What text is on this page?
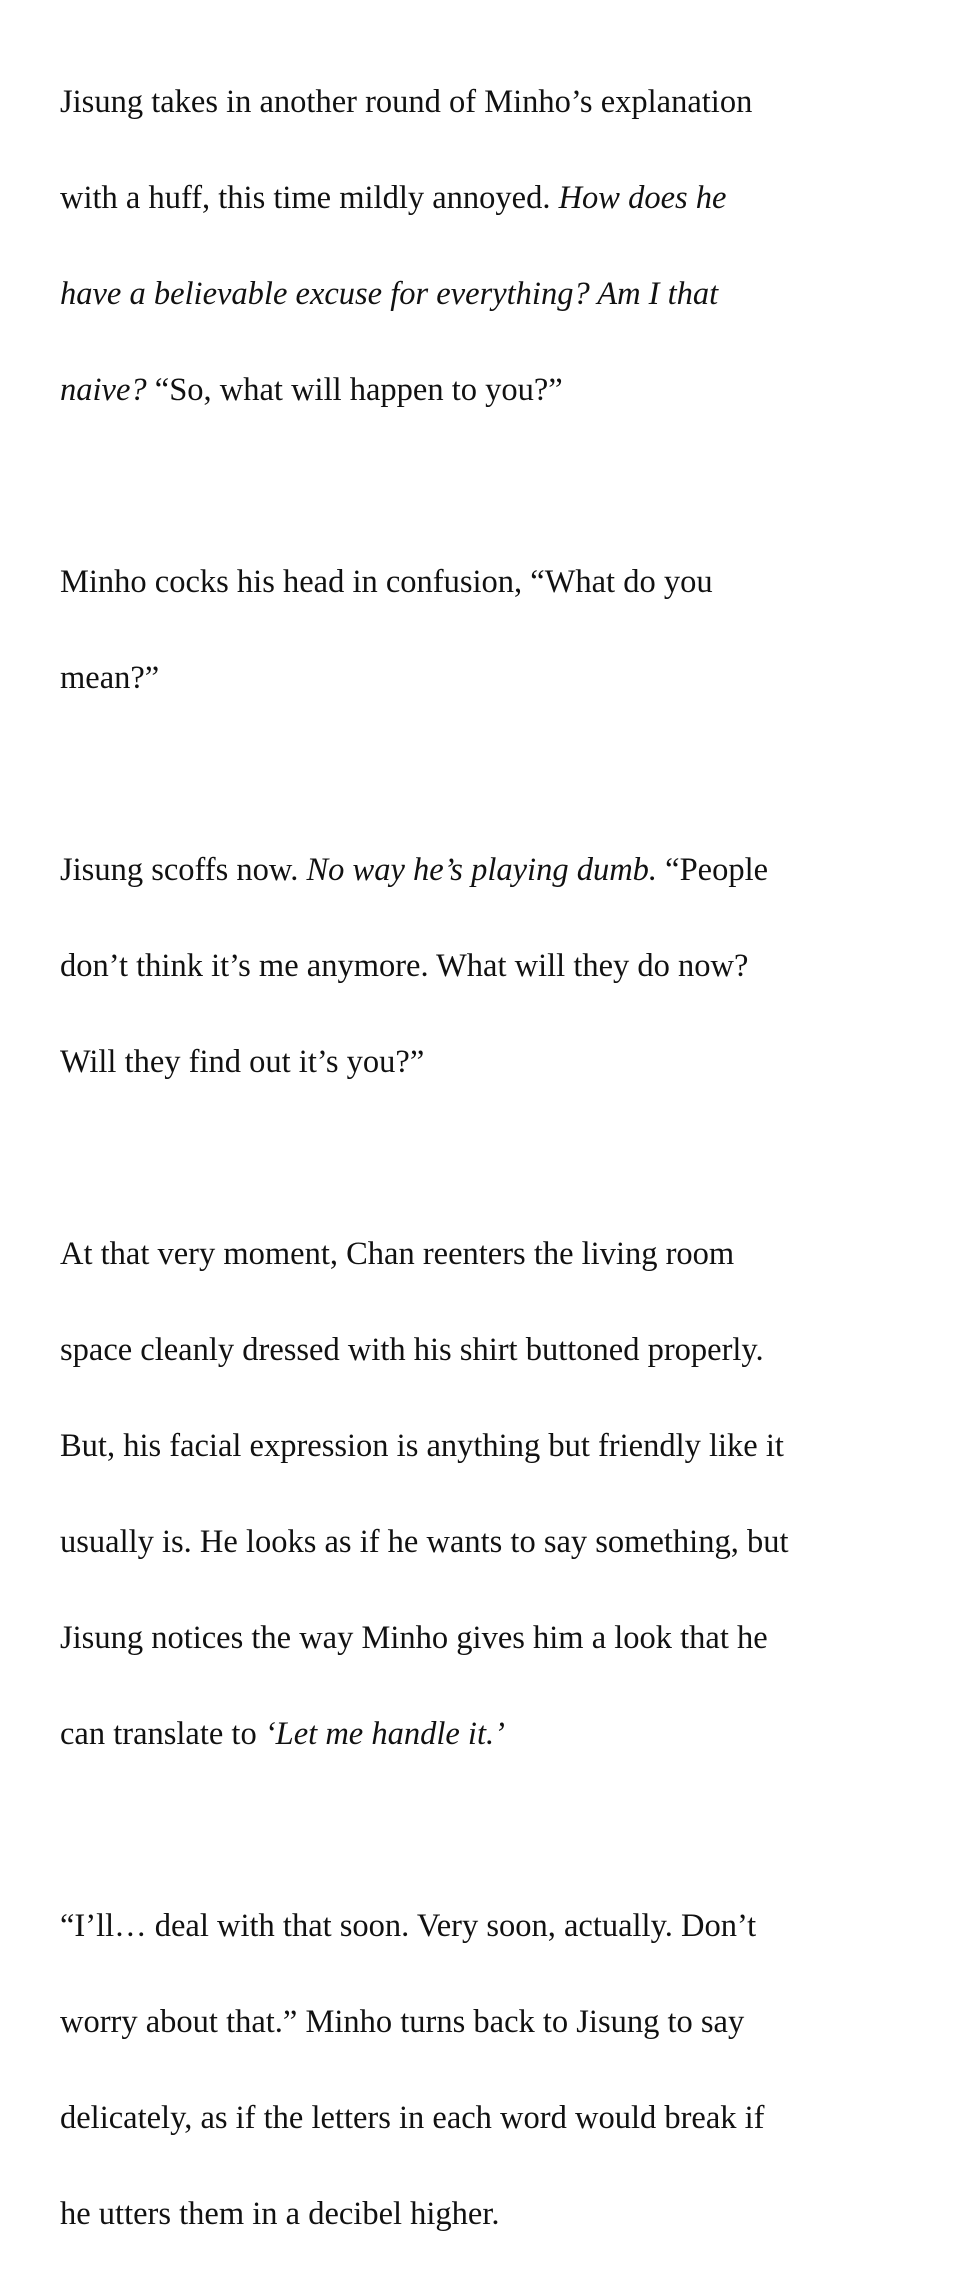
Jisung takes in another round of Minho’s explanation

with a huff, this time mildly annoyed. How does he

have a believable excuse for everything? Am I that

naive? “So, what will happen to you?”

Minho cocks his head in confusion, “What do you

mean?”

Jisung scoffs now. No way he’s playing dumb. “People

don’t think it’s me anymore. What will they do now?

Will they find out it’s you?”

At that very moment, Chan reenters the living room

space cleanly dressed with his shirt buttoned properly.

But, his facial expression is anything but friendly like it

usually is. He looks as if he wants to say something, but

Jisung notices the way Minho gives him a look that he

can translate to ‘Let me handle it.’

“I’ll… deal with that soon. Very soon, actually. Don’t

worry about that.” Minho turns back to Jisung to say

delicately, as if the letters in each word would break if

he utters them in a decibel higher.
